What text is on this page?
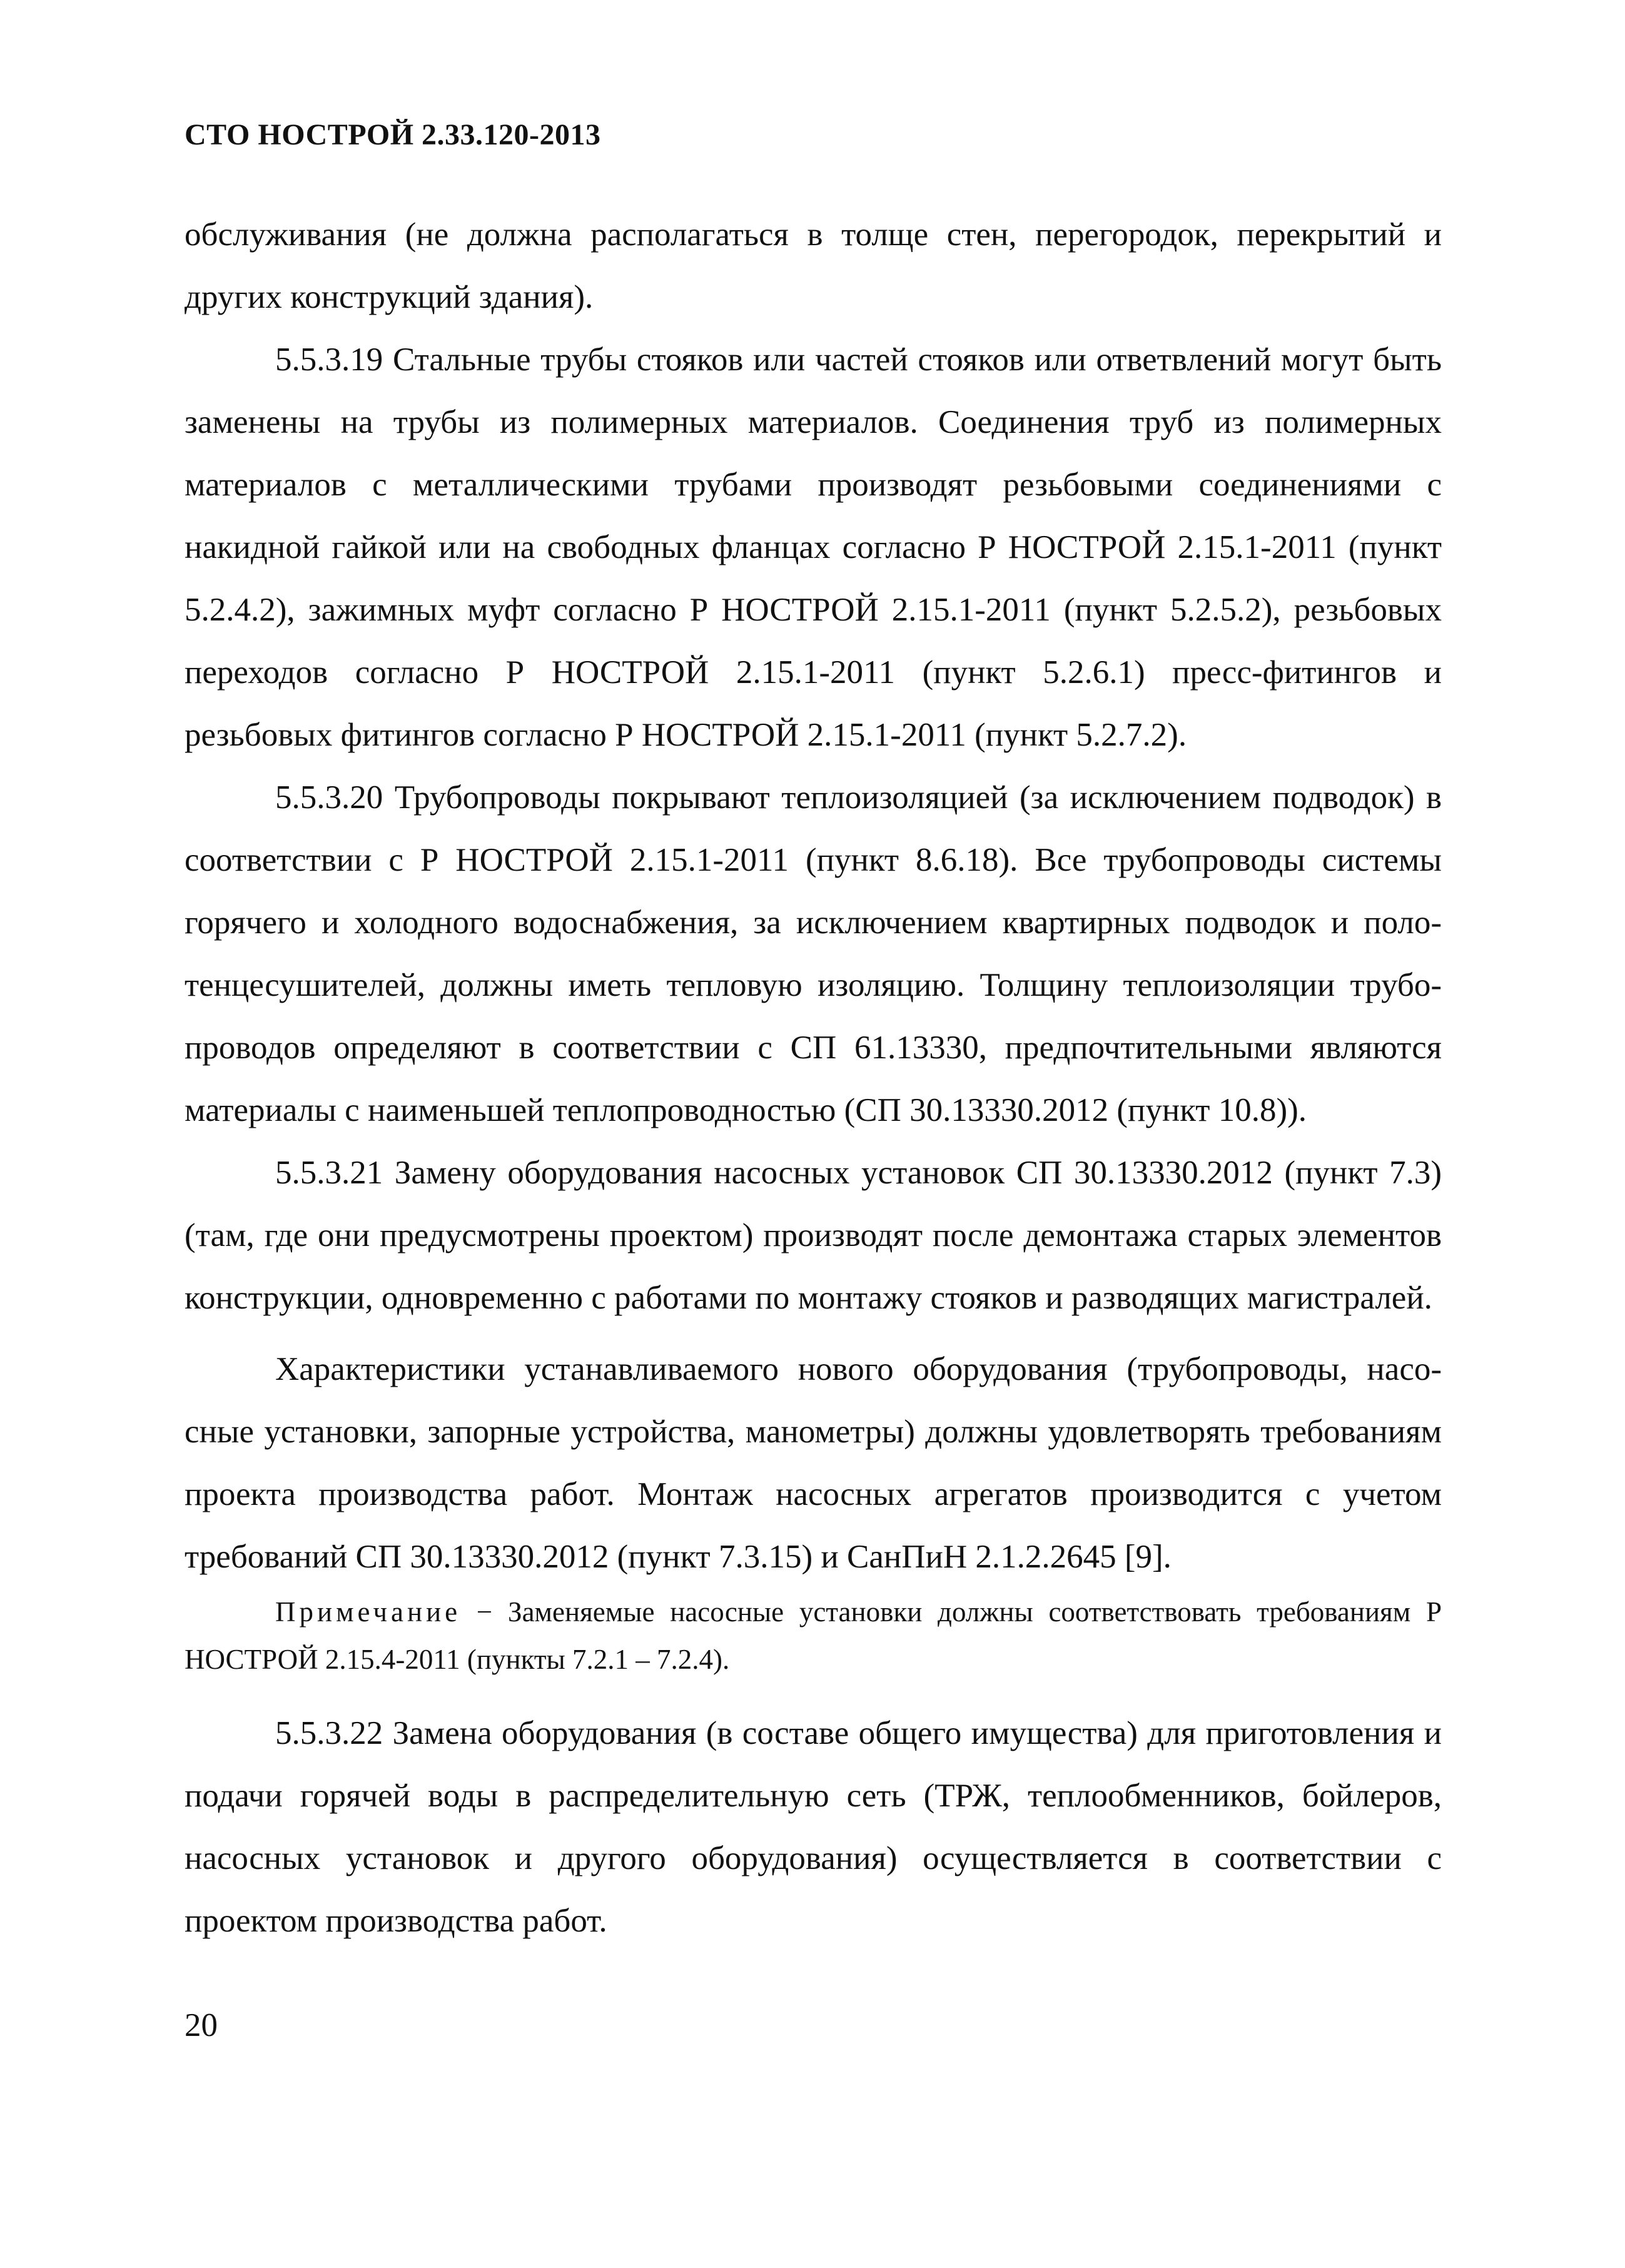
СТО НОСТРОЙ 2.33.120-2013

обслуживания (не должна располагаться в толще стен, перегородок, перекрытий и других конструкций здания).

5.5.3.19 Стальные трубы стояков или частей стояков или ответвлений могут быть заменены на трубы из полимерных материалов. Соединения труб из полимерных материалов с металлическими трубами производят резьбовыми соединениями с накидной гайкой или на свободных фланцах согласно Р НОСТРОЙ 2.15.1-2011 (пункт 5.2.4.2), зажимных муфт согласно Р НОСТРОЙ 2.15.1-2011 (пункт 5.2.5.2), резьбовых переходов согласно Р НОСТРОЙ 2.15.1-2011 (пункт 5.2.6.1) пресс-фитингов и резьбовых фитингов согласно Р НОСТРОЙ 2.15.1-2011 (пункт 5.2.7.2).

5.5.3.20 Трубопроводы покрывают теплоизоляцией (за исключением подводок) в соответствии с Р НОСТРОЙ 2.15.1-2011 (пункт 8.6.18). Все трубопроводы системы горячего и холодного водоснабжения, за исключением квартирных подводок и полотенцесушителей, должны иметь тепловую изоляцию. Толщину теплоизоляции трубопроводов определяют в соответствии с СП 61.13330, предпочтительными являются материалы с наименьшей теплопроводностью (СП 30.13330.2012 (пункт 10.8)).

5.5.3.21 Замену оборудования насосных установок СП 30.13330.2012 (пункт 7.3) (там, где они предусмотрены проектом) производят после демонтажа старых элементов конструкции, одновременно с работами по монтажу стояков и разводящих магистралей.

Характеристики устанавливаемого нового оборудования (трубопроводы, насосные установки, запорные устройства, манометры) должны удовлетворять требованиям проекта производства работ. Монтаж насосных агрегатов производится с учетом требований СП 30.13330.2012 (пункт 7.3.15) и СанПиН 2.1.2.2645 [9].

Примечание − Заменяемые насосные установки должны соответствовать требованиям Р НОСТРОЙ 2.15.4-2011 (пункты 7.2.1 – 7.2.4).

5.5.3.22 Замена оборудования (в составе общего имущества) для приготовления и подачи горячей воды в распределительную сеть (ТРЖ, теплообменников, бойлеров, насосных установок и другого оборудования) осуществляется в соответствии с проектом производства работ.

20
